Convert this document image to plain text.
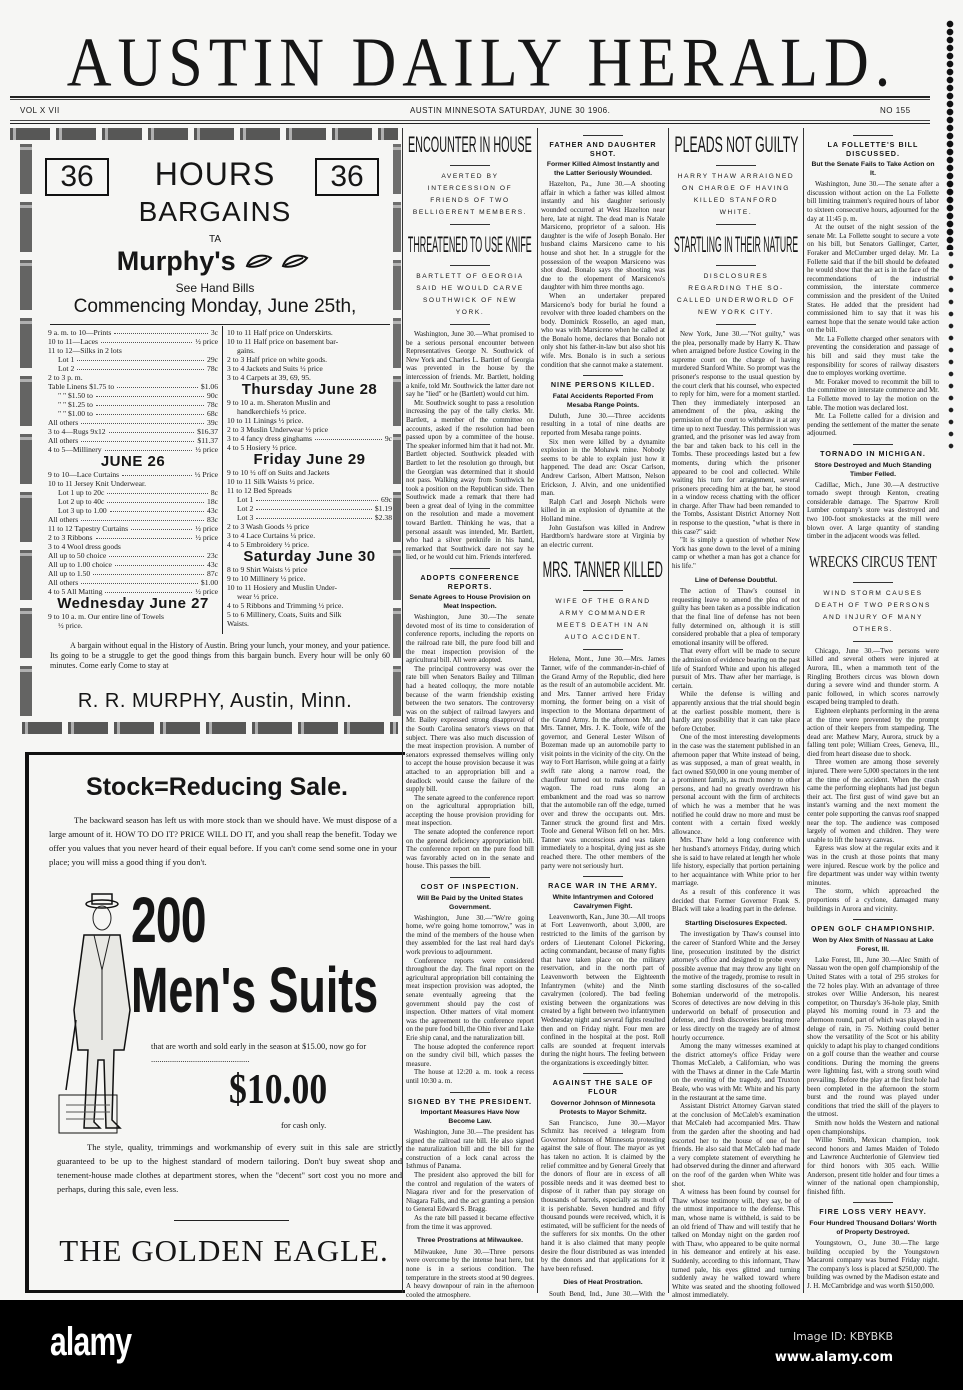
AUSTIN DAILY HERALD.
VOL X VII	AUSTIN MINNESOTA SATURDAY, JUNE 30 1906.	NO 155
36	36
HOURS
BARGAINS
TA
Murphy's
See Hand Bills
Commencing Monday, June 25th,
9 a. m. to 10—Prints	3c
10 to 11—Laces	½ price
11 to 12—Silks in 2 lots
Lot 1	29c
Lot 2	78c
2 to 3 p. m.
Table Linens $1.75 to	$1.06
" " $1.50 to	90c
" " $1.25 to	78c
" " $1.00 to	68c
All others	39c
3 to 4—Rugs 9x12	$16.37
All others	$11.37
4 to 5—Millinery	½ price
JUNE 26
9 to 10—Lace Curtains	½ Price
10 to 11 Jersey Knit Underwear.
Lot 1 up to 20c	8c
Lot 2 up to 40c	18c
Lot 3 up to 1.00	43c
All others	83c
11 to 12 Tapestry Curtains	½ price
2 to 3 Ribbons	½ price
3 to 4 Wool dress goods
All up to 50 choice	23c
All up to 1.00 choice	43c
All up to 1.50	87c
All others	$1.00
4 to 5 All Matting	½ price
Wednesday June 27
9 to 10 a. m. Our entire line of Towels
½ price.
10 to 11 Half price on Underskirts.
10 to 11 Half price on basement bar-
gains.
2 to 3 Half price on white goods.
3 to 4 Jackets and Suits ½ price
3 to 4 Carpets at 39, 69, 95.
Thursday June 28
9 to 10 a. m. Sheraton Muslin and
handkerchiefs ½ price.
10 to 11 Linings ½ price.
2 to 3 Muslin Underwear ½ price
3 to 4 fancy dress ginghams	9c
4 to 5 Hosiery ½ price.
Friday June 29
9 to 10 ½ off on Suits and Jackets
10 to 11 Silk Waists ½ price.
11 to 12 Bed Spreads
Lot 1	69c
Lot 2	$1.19
Lot 3	$2.38
2 to 3 Wash Goods ½ price
3 to 4 Lace Curtains ¼ price.
4 to 5 Embroidery ½ price.
Saturday June 30
8 to 9 Shirt Waists ½ price
9 to 10 Millinery ½ price.
10 to 11 Hosiery and Muslin Under-
wear ½ price.
4 to 5 Ribbons and Trimming ½ price.
5 to 6 Millinery, Coats, Suits and Silk
Waists.
A bargain without equal in the History of Austin. Bring your lunch, your money, and your patience. Its going to be a struggle to get the good things from this bargain bunch. Every hour will be only 60 minutes. Come early Come to stay at
R. R. MURPHY, Austin, Minn.
Stock=Reducing Sale.
The backward season has left us with more stock than we should have. We must dispose of a large amount of it. HOW TO DO IT? PRICE WILL DO IT, and you shall reap the benefit. Today we offer you values that you never heard of their equal before. If you can't come send some one in your place; you will miss a good thing if you don't.
200
Men's Suits
that are worth and sold early in the season at $15.00, now go for ...............................................
$10.00
for cash only.
The style, quality, trimmings and workmanship of every suit in this sale are strictly guaranteed to be up to the highest standard of modern tailoring. Don't buy sweat shop and tenement-house made clothes at department stores, when the "decent" sort cost you no more and perhaps, during this sale, even less.
THE GOLDEN EAGLE.
ENCOUNTER IN HOUSE
AVERTED BY INTERCESSION OF FRIENDS OF TWO BELLIGERENT MEMBERS.
THREATENED TO USE KNIFE
BARTLETT OF GEORGIA SAID HE WOULD CARVE SOUTHWICK OF NEW YORK.

Washington, June 30.—What promised to be a serious personal encounter between Representatives George N. Southwick of New York and Charles L. Bartlett of Georgia was prevented in the house by the intercession of friends. Mr. Bartlett, holding a knife, told Mr. Southwick the latter dare not say he "lied" or he (Bartlett) would cut him.

Mr. Southwick sought to pass a resolution increasing the pay of the tally clerks. Mr. Bartlett, a member of the committee on accounts, asked if the resolution had been passed upon by a committee of the house. The speaker informed him that it had not. Mr. Bartlett objected. Southwick pleaded with Bartlett to let the resolution go through, but the Georgian was determined that it should not pass. Walking away from Southwick he took a position on the Republican side. Then Southwick made a remark that there had been a great deal of lying in the committee on the resolution and made a movement toward Bartlett. Thinking he was, that a personal assault was intended, Mr. Bartlett, who had a silver penknife in his hand, remarked that Southwick dare not say he lied, or he would cut him. Friends interfered.

ADOPTS CONFERENCE REPORTS.
Senate Agrees to House Provision on Meat Inspection.

Washington, June 30.—The senate devoted most of its time to consideration of conference reports, including the reports on the railroad rate bill, the pure food bill and the meat inspection provision of the agricultural bill. All were adopted.

The principal controversy was over the rate bill when Senators Bailey and Tillman had a heated colloquy, the more notable because of the warm friendship existing between the two senators. The controversy was on the subject of railroad lawyers and Mr. Bailey expressed strong disapproval of the South Carolina senator's views on that subject. There was also much discussion of the meat inspection provision. A number of senators expressed themselves willing only to accept the house provision because it was attached to an appropriation bill and a deadlock would cause the failure of the supply bill.

The senate agreed to the conference report on the agricultural appropriation bill, accepting the house provision providing for meat inspection.

The senate adopted the conference report on the general deficiency appropriation bill. The conference report on the pure food bill was favorably acted on in the senate and house. This passes the bill.

COST OF INSPECTION.
Will Be Paid by the United States Government.

Washington, June 30.—"We're going home, we're going home tomorrow," was in the mind of the members of the house when they assembled for the last real hard day's work previous to adjournment.

Conference reports were considered throughout the day. The final report on the agricultural appropriation bill containing the meat inspection provision was adopted, the senate eventually agreeing that the government should pay the cost of inspection. Other matters of vital moment was the agreement to the conference report on the pure food bill, the Ohio river and Lake Erie ship canal, and the naturalization bill.

The house adopted the conference report on the sundry civil bill, which passes the measure.

The house at 12:20 a. m. took a recess until 10:30 a. m.

SIGNED BY THE PRESIDENT.
Important Measures Have Now Become Law.

Washington, June 30.—The president has signed the railroad rate bill. He also signed the naturalization bill and the bill for the construction of a lock canal across the Isthmus of Panama.

The president also approved the bill for the control and regulation of the waters of Niagara river and for the preservation of Niagara Falls, and the act granting a pension to General Edward S. Bragg.

As the rate bill passed it became effective from the time it was approved.

Three Prostrations at Milwaukee.

Milwaukee, June 30.—Three persons were overcome by the intense heat here, but none is in a serious condition. The temperature in the streets stood at 90 degrees. A heavy downpour of rain in the afternoon cooled the atmosphere.

FATHER AND DAUGHTER SHOT.
Former Killed Almost Instantly and the Latter Seriously Wounded.

Hazelton, Pa., June 30.—A shooting affair in which a father was killed almost instantly and his daughter seriously wounded occurred at West Hazelton near here, late at night. The dead man is Natale Marsiceno, proprietor of a saloon. His daughter is the wife of Joseph Bonalo. Her husband claims Marsiceno came to his house and shot her. In a struggle for the possession of the weapon Marsiceno was shot dead. Bonalo says the shooting was due to the elopement of Marsiceno's daughter with him three months ago.

When an undertaker prepared Marsiceno's body for burial he found a revolver with three loaded chambers on the body. Dominick Rossello, an aged man, who was with Marsiceno when he called at the Bonalo home, declares that Bonalo not only shot his father-in-law but also shot his wife. Mrs. Bonalo is in such a serious condition that she cannot make a statement.

NINE PERSONS KILLED.
Fatal Accidents Reported From Mesaba Range Points.

Duluth, June 30.—Three accidents resulting in a total of nine deaths are reported from Mesaba range points.

Six men were killed by a dynamite explosion in the Mohawk mine. Nobody seems to be able to explain just how it happened. The dead are: Oscar Carlson, Andrew Carlson, Albert Mattson, Nelson Erickson, J. Alvin, and one unidentified man.

Ralph Carl and Joseph Nichols were killed in an explosion of dynamite at the Holland mine.

John Gustafson was killed in Andrew Hardtborn's hardware store at Virginia by an electric current.

MRS. TANNER KILLED
WIFE OF THE GRAND ARMY COMMANDER MEETS DEATH IN AN AUTO ACCIDENT.

Helena, Mont., June 30.—Mrs. James Tanner, wife of the commander-in-chief of the Grand Army of the Republic, died here as the result of an automobile accident. Mr. and Mrs. Tanner arrived here Friday morning, the former being on a visit of inspection to the Montana department of the Grand Army. In the afternoon Mr. and Mrs. Tanner, Mrs. J. K. Toole, wife of the governor, and General Lester Wilson of Bozeman made up an automobile party to visit points in the vicinity of the city. On the way to Fort Harrison, while going at a fairly swift rate along a narrow road, the chauffeur turned out to make room for a wagon. The road runs along an embankment and the road was so narrow that the automobile ran off the edge, turned over and threw the occupants out. Mrs. Tanner struck the ground first and Mrs. Toole and General Wilson fell on her. Mrs. Tanner was unconscious and was taken immediately to a hospital, dying just as she reached there. The other members of the party were not seriously hurt.

RACE WAR IN THE ARMY.
White Infantrymen and Colored Cavalrymen Fight.

Leavenworth, Kan., June 30.—All troops at Fort Leavenworth, about 3,000, are restricted to the limits of the garrison by orders of Lieutenant Colonel Pickering, acting commandant, because of many fights that have taken place on the military reservation, and in the north part of Leavenworth between the Eighteenth Infantrymen (white) and the Ninth cavalrymen (colored). The bad feeling existing between the organizations was created by a fight between two infantrymen Wednesday night and several fights resulted then and on Friday night. Four men are confined in the hospital at the post. Roll calls are sounded at frequent intervals during the night hours. The feeling between the organizations is exceedingly bitter.

AGAINST THE SALE OF FLOUR
Governor Johnson of Minnesota Protests to Mayor Schmitz.

San Francisco, June 30.—Mayor Schmitz has received a telegram from Governor Johnson of Minnesota protesting against the sale of flour. The mayor as yet has taken no action. It is claimed by the relief committee and by General Greely that the donors of flour are in excess of all possible needs and it was deemed best to dispose of it rather than pay storage on thousands of barrels, especially as much of it is perishable. Seven hundred and fifty thousand pounds were received, which, it is estimated, will be sufficient for the needs of the sufferers for six months. On the other hand it is also claimed that many people desire the flour distributed as was intended by the donors and that applications for it have been refused.

Dies of Heat Prostration.

South Bend, Ind., June 30.—With the

PLEADS NOT GUILTY
HARRY THAW ARRAIGNED ON CHARGE OF HAVING KILLED STANFORD WHITE.
STARTLING IN THEIR NATURE
DISCLOSURES REGARDING THE SO-CALLED UNDERWORLD OF NEW YORK CITY.

New York, June 30.—"Not guilty," was the plea, personally made by Harry K. Thaw when arraigned before Justice Cowing in the supreme court on the charge of having murdered Stanford White. So prompt was the prisoner's response to the usual question by the court clerk that his counsel, who expected to reply for him, were for a moment startled. Then they immediately interposed an amendment of the plea, asking the permission of the court to withdraw it at any time up to next Tuesday. This permission was granted, and the prisoner was led away from the bar and taken back to his cell in the Tombs. These proceedings lasted but a few moments, during which the prisoner appeared to be cool and collected. While waiting his turn for arraignment, several prisoners preceding him at the bar, he stood in a window recess chatting with the officer in charge. After Thaw had been remanded to the Tombs, Assistant District Attorney Nott in response to the question, "what is there in this case?" said:

"It is simply a question of whether New York has gone down to the level of a mining camp or whether a man has got a chance for his life."

Line of Defense Doubtful.

The action of Thaw's counsel in requesting leave to amend the plea of not guilty has been taken as a possible indication that the final line of defense has not been fully determined on, although it is still considered probable that a plea of temporary emotional insanity will be offered.

That every effort will be made to secure the admission of evidence bearing on the past life of Stanford White and upon his alleged pursuit of Mrs. Thaw after her marriage, is certain.

While the defense is willing and apparently anxious that the trial should begin at the earliest possible moment, there is hardly any possibility that it can take place before October.

One of the most interesting developments in the case was the statement published in an afternoon paper that White instead of being, as was supposed, a man of great wealth, in fact owned $50,000 in one young member of a prominent family, as much money to other persons, and had no greatly overdrawn his personal account with the firm of architects of which he was a member that he was notified he could draw no more and must be content with a certain fixed weekly allowance.

Mrs. Thaw held a long conference with her husband's attorneys Friday, during which she is said to have related at length her whole life history, especially that portion pertaining to her acquaintance with White prior to her marriage.

As a result of this conference it was decided that Former Governor Frank S. Black will take a leading part in the defense.

Startling Disclosures Expected.

The investigation by Thaw's counsel into the career of Stanford White and the Jersey line, prosecution instituted by the district attorney's office and designed to probe every possible avenue that may throw any light on the motive of the tragedy, promise to result in some startling disclosures of the so-called Bohemian underworld of the metropolis. Scores of detectives are now delving in this underworld on behalf of prosecution and defense, and fresh discoveries bearing more or less directly on the tragedy are of almost hourly occurrence.

Among the many witnesses examined at the district attorney's office Friday were Thomas McCaleb, a Californian, who was with the Thaws at dinner in the Cafe Martin on the evening of the tragedy, and Truxton Beale, who was with Mr. White and his party in the restaurant at the same time.

Assistant District Attorney Garvan stated at the conclusion of McCaleb's examination that McCaleb had accompanied Mrs. Thaw from the garden after the shooting and had escorted her to the house of one of her friends. He also said that McCaleb had made a very complete statement of everything he had observed during the dinner and afterward on the roof of the garden when White was shot.

A witness has been found by counsel for Thaw whose testimony will, they say, be of the utmost importance to the defense. This man, whose name is withheld, is said to be an old friend of Thaw and will testify that he talked on Monday night on the garden roof with Thaw, who appeared to be quite normal in his demeanor and entirely at his ease. Suddenly, according to this informant, Thaw turned pale, his eyes glitted and turning suddenly away he walked toward where White was seated and the shooting followed almost immediately.

LA FOLLETTE'S BILL DISCUSSED.
But the Senate Fails to Take Action on It.

Washington, June 30.—The senate after a discussion without action on the La Follette bill limiting trainmen's required hours of labor to sixteen consecutive hours, adjourned for the day at 11:45 p. m.

At the outset of the night session of the senate Mr. La Follette sought to secure a vote on his bill, but Senators Gallinger, Carter, Foraker and McCumber urged delay. Mr. La Follette said that if the bill should be defeated he would show that the act is in the face of the recommendations of the industrial commission, the interstate commerce commission and the president of the United States. He added that the president had commissioned him to say that it was his earnest hope that the senate would take action on the bill.

Mr. La Follette charged other senators with preventing the consideration and passage of his bill and said they must take the responsibility for scores of railway disasters due to employes working overtime.

Mr. Foraker moved to recommit the bill to the committee on interstate commerce and Mr. La Follette moved to lay the motion on the table. The motion was declared lost.

Mr. La Follette called for a division and pending the settlement of the matter the senate adjourned.

TORNADO IN MICHIGAN.
Store Destroyed and Much Standing Timber Felled.

Cadillac, Mich., June 30.—A destructive tornado swept through Kenton, creating considerable damage. The Sparrow Kroll Lumber company's store was destroyed and two 100-foot smokestacks at the mill were blown over. A large quantity of standing timber in the adjacent woods was felled.

WRECKS CIRCUS TENT
WIND STORM CAUSES DEATH OF TWO PERSONS AND INJURY OF MANY OTHERS.

Chicago, June 30.—Two persons were killed and several others were injured at Aurora, Ill., when a mammoth tent of the Ringling Brothers circus was blown down during a severe wind and thunder storm. A panic followed, in which scores narrowly escaped being trampled to death.

Eighteen elephants performing in the arena at the time were prevented by the prompt action of their keepers from stampeding. The dead are: Mathew Mary, Aurora, struck by a falling tent pole; William Crees, Geneva, Ill., died from heart disease due to shock.

Three women are among those severely injured. There were 5,000 spectators in the tent at the time of the accident. When the crash came the performing elephants had just begun their act. The first gust of wind gave but an instant's warning and the next moment the center pole supporting the canvas roof snapped near the top. The audience was composed largely of women and children. They were unable to lift the heavy canvas.

Egress was slow at the regular exits and it was in the crush at those points that many were injured. Rescue work by the police and fire department was under way within twenty minutes.

The storm, which approached the proportions of a cyclone, damaged many buildings in Aurora and vicinity.

OPEN GOLF CHAMPIONSHIP.
Won by Alex Smith of Nassau at Lake Forest, Ill.

Lake Forest, Ill., June 30.—Alec Smith of Nassau won the open golf championship of the United States with a total of 295 strokes for the 72 holes play. With an advantage of three strokes over Willie Anderson, his nearest competitor, on Thursday's 36-hole play, Smith played his morning round in 73 and the afternoon round, part of which was played in a deluge of rain, in 75. Nothing could better show the versatility of the Scot or his ability quickly to adapt his play to changed conditions on a golf course than the weather and course conditions. During the morning the greens were lightning fast, with a strong south wind prevailing. Before the play at the first hole had been completed in the afternoon the storm burst and the round was played under conditions that tried the skill of the players to the utmost.

Smith now holds the Western and national open championships.

Willie Smith, Mexican champion, took second honors and James Maiden of Toledo and Lawrence Auchterlonie of Glenview tied for third honors with 305 each. Willie Anderson, present title holder and four times a winner of the national open championship, finished fifth.

FIRE LOSS VERY HEAVY.
Four Hundred Thousand Dollars' Worth of Property Destroyed.

Youngstown, O., June 30.—The large building occupied by the Youngstown Macaroni company was burned Friday night. The company's loss is placed at $250,000. The building was owned by the Madison estate and J. H. McCambridge and was worth $150,000.

alamy	Image ID: KBYBKB
www.alamy.com
